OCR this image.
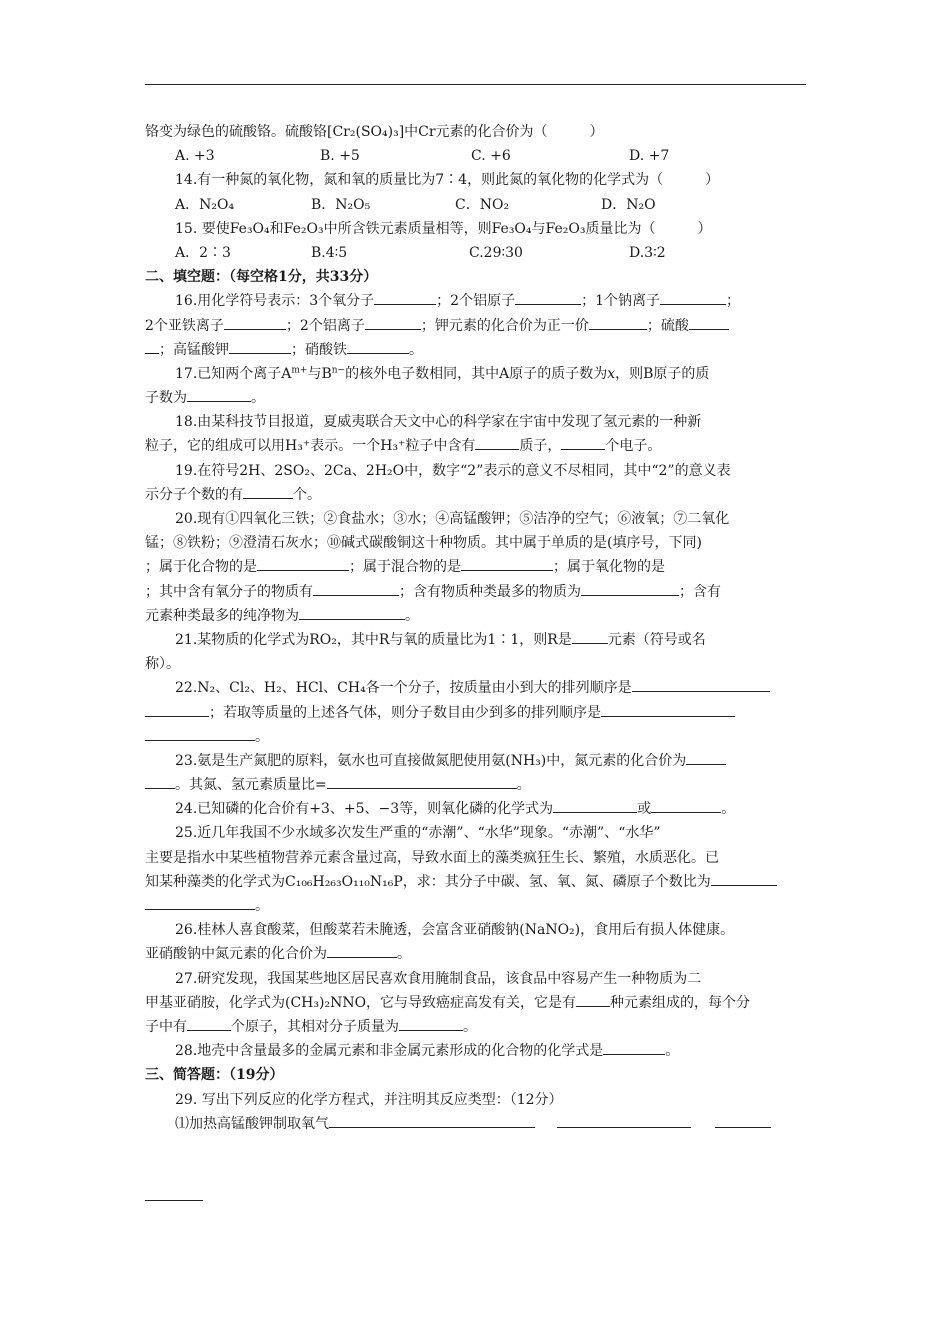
铬变为绿色的硫酸铬。硫酸铬[Cr₂(SO₄)₃]中Cr元素的化合价为（　　　）
A. +3	B. +5	C. +6	D. +7
14.有一种氮的氧化物，氮和氧的质量比为7∶4，则此氮的氧化物的化学式为（　　　）
A．N₂O₄	B．N₂O₅	C．NO₂	D．N₂O
15. 要使Fe₃O₄和Fe₂O₃中所含铁元素质量相等，则Fe₃O₄与Fe₂O₃质量比为（　　　）
A．2∶3	B.4∶5	C.29∶30	D.3∶2
二、填空题：（每空格1分，共33分）
16.用化学符号表示：3个氧分子	；2个铝原子	；1个钠离子	；
2个亚铁离子	；2个铝离子	；钾元素的化合价为正一价	；硫酸
；高锰酸钾	；硝酸铁	。
17.已知两个离子$A^{m+}$与$B^{n-}$的核外电子数相同，其中A原子的质子数为x，则B原子的质
子数为	。
18.由某科技节目报道，夏威夷联合天文中心的科学家在宇宙中发现了氢元素的一种新
粒子，它的组成可以用H₃⁺表示。一个H₃⁺粒子中含有	质子，	个电子。
19.在符号2H、2SO₂、2Ca、2H₂O中，数字“2”表示的意义不尽相同，其中“2”的意义表
示分子个数的有	个。
20.现有①四氧化三铁；②食盐水；③水；④高锰酸钾；⑤洁净的空气；⑥液氧；⑦二氧化
锰；⑧铁粉；⑨澄清石灰水；⑩碱式碳酸铜这十种物质。其中属于单质的是(填序号，下同)
；属于化合物的是	；属于混合物的是	；属于氧化物的是
；其中含有氧分子的物质有	；含有物质种类最多的物质为	；含有
元素种类最多的纯净物为	。
21.某物质的化学式为RO₂，其中R与氧的质量比为1∶1，则R是	元素（符号或名
称）。
22.N₂、Cl₂、H₂、HCl、CH₄各一个分子，按质量由小到大的排列顺序是
；若取等质量的上述各气体，则分子数目由少到多的排列顺序是
。
23.氨是生产氮肥的原料，氨水也可直接做氮肥使用氨(NH₃)中，氮元素的化合价为
。其氮、氢元素质量比=	。
24.已知磷的化合价有+3、+5、−3等，则氧化磷的化学式为	或	。
25.近几年我国不少水域多次发生严重的“赤潮”、“水华”现象。“赤潮”、“水华”
主要是指水中某些植物营养元素含量过高，导致水面上的藻类疯狂生长、繁殖，水质恶化。已
知某种藻类的化学式为C₁₀₆H₂₆₃O₁₁₀N₁₆P，求：其分子中碳、氢、氧、氮、磷原子个数比为
。
26.桂林人喜食酸菜，但酸菜若未腌透，会富含亚硝酸钠(NaNO₂)，食用后有损人体健康。
亚硝酸钠中氮元素的化合价为	。
27.研究发现，我国某些地区居民喜欢食用腌制食品，该食品中容易产生一种物质为二
甲基亚硝胺，化学式为(CH₃)₂NNO，它与导致癌症高发有关，它是有 种元素组成的，每个分
子中有	个原子，其相对分子质量为	。
28.地壳中含量最多的金属元素和非金属元素形成的化合物的化学式是	。
三、简答题：（19分）
29. 写出下列反应的化学方程式，并注明其反应类型：（12分）
⑴加热高锰酸钾制取氧气
